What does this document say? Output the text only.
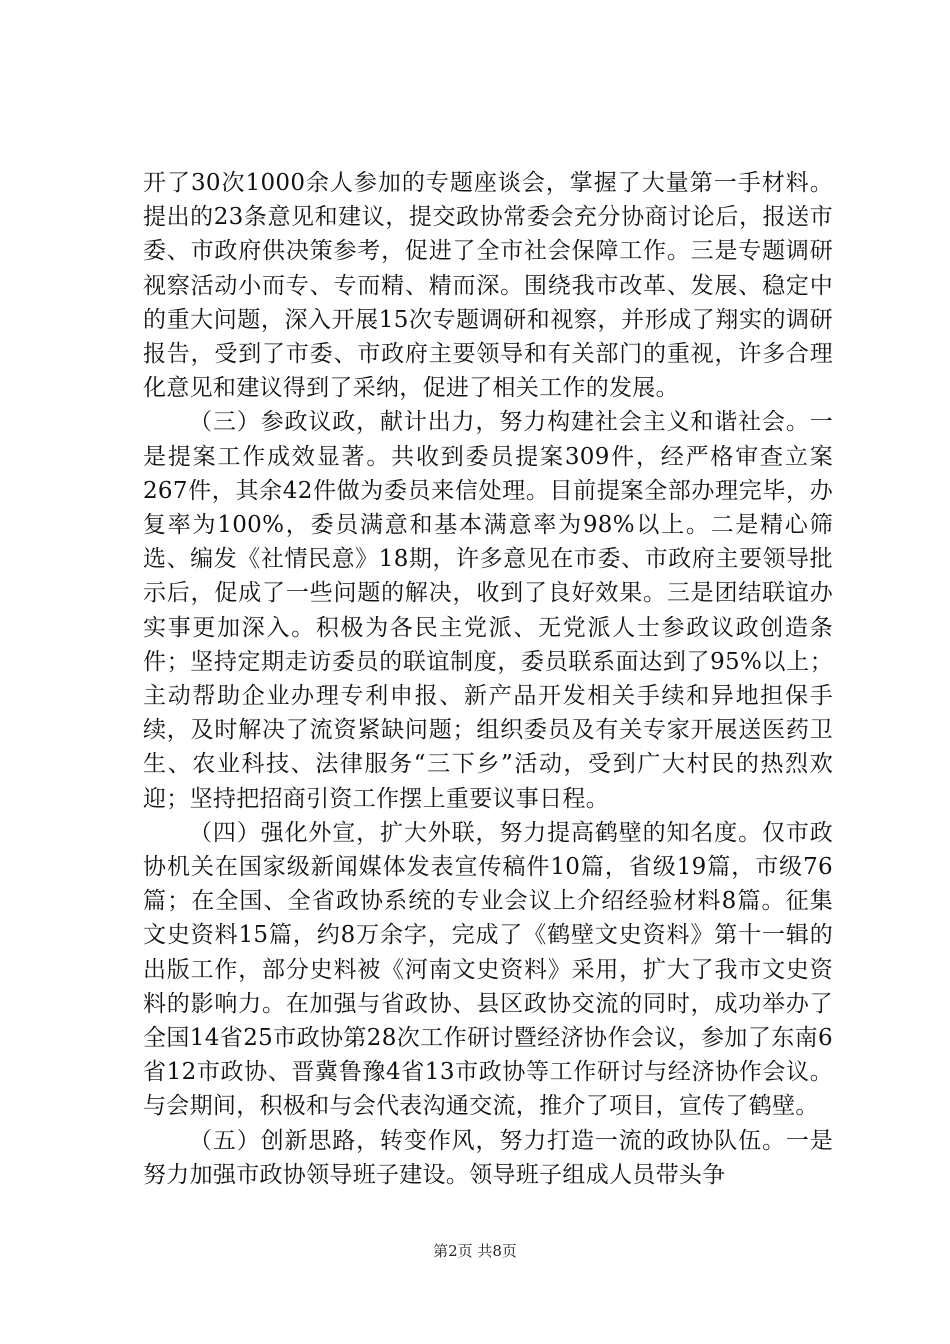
开了30次1000余人参加的专题座谈会，掌握了大量第一手材料。提出的23条意见和建议，提交政协常委会充分协商讨论后，报送市委、市政府供决策参考，促进了全市社会保障工作。三是专题调研视察活动小而专、专而精、精而深。围绕我市改革、发展、稳定中的重大问题，深入开展15次专题调研和视察，并形成了翔实的调研报告，受到了市委、市政府主要领导和有关部门的重视，许多合理化意见和建议得到了采纳，促进了相关工作的发展。

（三）参政议政，献计出力，努力构建社会主义和谐社会。一是提案工作成效显著。共收到委员提案309件，经严格审查立案267件，其余42件做为委员来信处理。目前提案全部办理完毕，办复率为100%，委员满意和基本满意率为98%以上。二是精心筛选、编发《社情民意》18期，许多意见在市委、市政府主要领导批示后，促成了一些问题的解决，收到了良好效果。三是团结联谊办实事更加深入。积极为各民主党派、无党派人士参政议政创造条件；坚持定期走访委员的联谊制度，委员联系面达到了95%以上；主动帮助企业办理专利申报、新产品开发相关手续和异地担保手续，及时解决了流资紧缺问题；组织委员及有关专家开展送医药卫生、农业科技、法律服务“三下乡”活动，受到广大村民的热烈欢迎；坚持把招商引资工作摆上重要议事日程。

（四）强化外宣，扩大外联，努力提高鹤壁的知名度。仅市政协机关在国家级新闻媒体发表宣传稿件10篇，省级19篇，市级76篇；在全国、全省政协系统的专业会议上介绍经验材料8篇。征集文史资料15篇，约8万余字，完成了《鹤壁文史资料》第十一辑的出版工作，部分史料被《河南文史资料》采用，扩大了我市文史资料的影响力。在加强与省政协、县区政协交流的同时，成功举办了全国14省25市政协第28次工作研讨暨经济协作会议，参加了东南6省12市政协、晋冀鲁豫4省13市政协等工作研讨与经济协作会议。与会期间，积极和与会代表沟通交流，推介了项目，宣传了鹤壁。

（五）创新思路，转变作风，努力打造一流的政协队伍。一是努力加强市政协领导班子建设。领导班子组成人员带头争

第2页 共8页
